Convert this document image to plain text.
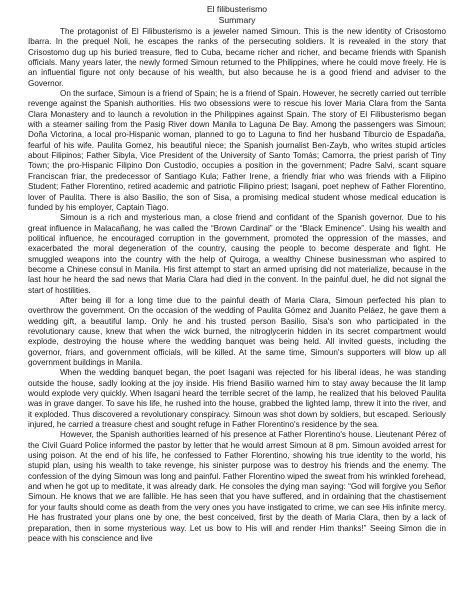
El filibusterismo

Summary

The protagonist of El Filibusterismo is a jeweler named Simoun. This is the new identity of Crisostomo Ibarra. In the prequel Noli, he escapes the ranks of the persecuting soldiers. It is revealed in the story that Crisostomo dug up his buried treasure, fled to Cuba, became richer and richer, and became friends with Spanish officials. Many years later, the newly formed Simoun returned to the Philippines, where he could move freely. He is an influential figure not only because of his wealth, but also because he is a good friend and adviser to the Governor.

On the surface, Simoun is a friend of Spain; he is a friend of Spain. However, he secretly carried out terrible revenge against the Spanish authorities. His two obsessions were to rescue his lover Maria Clara from the Santa Clara Monastery and to launch a revolution in the Philippines against Spain. The story of El Filibusterismo began with a steamer sailing from the Pasig River down Manila to Laguna De Bay. Among the passengers was Simoun; Doña Victorina, a local pro-Hispanic woman, planned to go to Laguna to find her husband Tiburcio de Espadaña, fearful of his wife. Paulita Gomez, his beautiful niece; the Spanish journalist Ben-Zayb, who writes stupid articles about Filipinos; Father Sibyla, Vice President of the University of Santo Tomás; Camorra, the priest parish of Tiny Town; the pro-Hispanic Filipino Don Custodio, occupies a position in the government; Padre Salvi, scant square Franciscan friar, the predecessor of Santiago Kula; Father Irene, a friendly friar who was friends with a Filipino Student; Father Florentino, retired academic and patriotic Filipino priest; Isagani, poet nephew of Father Florentino, lover of Paulita. There is also Basilio, the son of Sisa, a promising medical student whose medical education is funded by his employer, Captain Tiago.

Simoun is a rich and mysterious man, a close friend and confidant of the Spanish governor. Due to his great influence in Malacañang, he was called the “Brown Cardinal” or the “Black Eminence”. Using his wealth and political influence, he encouraged corruption in the government, promoted the oppression of the masses, and exacerbated the moral degeneration of the country, causing the people to become desperate and fight. He smuggled weapons into the country with the help of Quiroga, a wealthy Chinese businessman who aspired to become a Chinese consul in Manila. His first attempt to start an armed uprising did not materialize, because in the last hour he heard the sad news that Maria Clara had died in the convent. In the painful duel, he did not signal the start of hostilities.

After being ill for a long time due to the painful death of Maria Clara, Simoun perfected his plan to overthrow the government. On the occasion of the wedding of Paulita Gómez and Juanito Peláez, he gave them a wedding gift, a beautiful lamp. Only he and his trusted person Basilio, Sisa's son who participated in the revolutionary cause, knew that when the wick burned, the nitroglycerin hidden in its secret compartment would explode, destroying the house where the wedding banquet was being held. All invited guests, including the governor, friars, and government officials, will be killed. At the same time, Simoun's supporters will blow up all government buildings in Manila.

When the wedding banquet began, the poet Isagani was rejected for his liberal ideas, he was standing outside the house, sadly looking at the joy inside. His friend Basilio warned him to stay away because the lit lamp would explode very quickly. When Isagani heard the terrible secret of the lamp, he realized that his beloved Paulita was in grave danger. To save his life, he rushed into the house, grabbed the lighted lamp, threw it into the river, and it exploded. Thus discovered a revolutionary conspiracy. Simoun was shot down by soldiers, but escaped. Seriously injured, he carried a treasure chest and sought refuge in Father Florentino's residence by the sea.

However, the Spanish authorities learned of his presence at Father Florentino's house. Lieutenant Pérez of the Civil Guard Police informed the pastor by letter that he would arrest Simoun at 8 pm. Simoun avoided arrest for using poison. At the end of his life, he confessed to Father Florentino, showing his true identity to the world, his stupid plan, using his wealth to take revenge, his sinister purpose was to destroy his friends and the enemy. The confession of the dying Simoun was long and painful. Father Florentino wiped the sweat from his wrinkled forehead, and when he got up to meditate, it was already dark. He consoles the dying man saying: “God will forgive you Señor Simoun. He knows that we are fallible. He has seen that you have suffered, and in ordaining that the chastisement for your faults should come as death from the very ones you have instigated to crime, we can see His infinite mercy. He has frustrated your plans one by one, the best conceived, first by the death of Maria Clara, then by a lack of preparation, then in some mysterious way. Let us bow to His will and render Him thanks!” Seeing Simon die in peace with his conscience and live
